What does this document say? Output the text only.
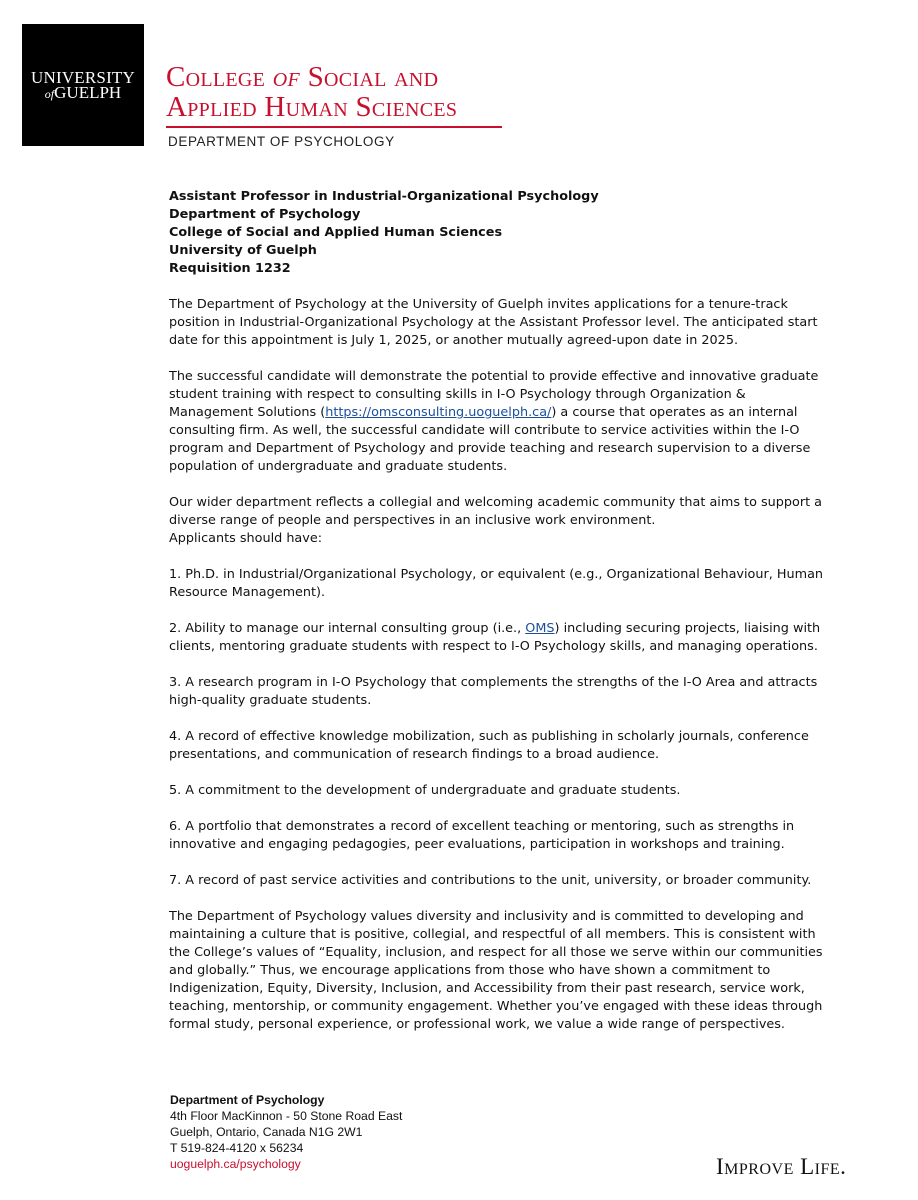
UNIVERSITY
ofGUELPH	College of Social and
Applied Human Sciences
DEPARTMENT OF PSYCHOLOGY
Assistant Professor in Industrial-Organizational Psychology
Department of Psychology
College of Social and Applied Human Sciences
University of Guelph
Requisition 1232

The Department of Psychology at the University of Guelph invites applications for a tenure-track position in Industrial-Organizational Psychology at the Assistant Professor level. The anticipated start date for this appointment is July 1, 2025, or another mutually agreed-upon date in 2025.

The successful candidate will demonstrate the potential to provide effective and innovative graduate student training with respect to consulting skills in I-O Psychology through Organization & Management Solutions (https://omsconsulting.uoguelph.ca/) a course that operates as an internal consulting firm. As well, the successful candidate will contribute to service activities within the I-O program and Department of Psychology and provide teaching and research supervision to a diverse population of undergraduate and graduate students.

Our wider department reflects a collegial and welcoming academic community that aims to support a diverse range of people and perspectives in an inclusive work environment.
Applicants should have:

1. Ph.D. in Industrial/Organizational Psychology, or equivalent (e.g., Organizational Behaviour, Human Resource Management).

2. Ability to manage our internal consulting group (i.e., OMS) including securing projects, liaising with clients, mentoring graduate students with respect to I-O Psychology skills, and managing operations.

3. A research program in I-O Psychology that complements the strengths of the I-O Area and attracts high-quality graduate students.

4. A record of effective knowledge mobilization, such as publishing in scholarly journals, conference presentations, and communication of research findings to a broad audience.

5. A commitment to the development of undergraduate and graduate students.

6. A portfolio that demonstrates a record of excellent teaching or mentoring, such as strengths in innovative and engaging pedagogies, peer evaluations, participation in workshops and training.

7. A record of past service activities and contributions to the unit, university, or broader community.

The Department of Psychology values diversity and inclusivity and is committed to developing and maintaining a culture that is positive, collegial, and respectful of all members. This is consistent with the College’s values of “Equality, inclusion, and respect for all those we serve within our communities and globally.” Thus, we encourage applications from those who have shown a commitment to Indigenization, Equity, Diversity, Inclusion, and Accessibility from their past research, service work, teaching, mentorship, or community engagement. Whether you’ve engaged with these ideas through formal study, personal experience, or professional work, we value a wide range of perspectives.

Department of Psychology
4th Floor MacKinnon - 50 Stone Road East
Guelph, Ontario, Canada N1G 2W1
T 519-824-4120 x 56234
uoguelph.ca/psychology	Improve Life.
